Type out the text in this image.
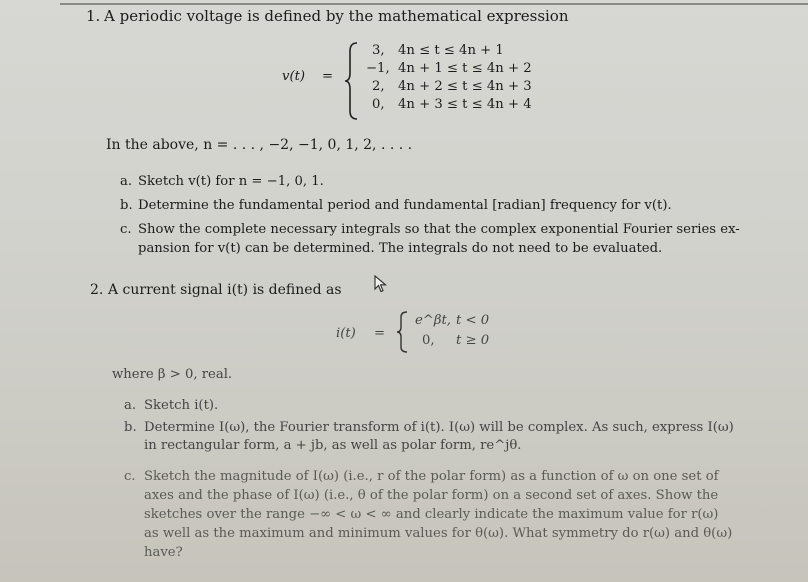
1. A periodic voltage is defined by the mathematical expression
v(t) =
3, 4n ≤ t ≤ 4n + 1
−1, 4n + 1 ≤ t ≤ 4n + 2
2, 4n + 2 ≤ t ≤ 4n + 3
0, 4n + 3 ≤ t ≤ 4n + 4
In the above, n = . . . , −2, −1, 0, 1, 2, . . . .
a. Sketch v(t) for n = −1, 0, 1.
b. Determine the fundamental period and fundamental [radian] frequency for v(t).
c. Show the complete necessary integrals so that the complex exponential Fourier series ex-
pansion for v(t) can be determined. The integrals do not need to be evaluated.
2. A current signal i(t) is defined as
i(t) =
e^βt, t < 0
0, t ≥ 0
where β > 0, real.
a. Sketch i(t).
b. Determine I(ω), the Fourier transform of i(t). I(ω) will be complex. As such, express I(ω)
in rectangular form, a + jb, as well as polar form, re^jθ.
c. Sketch the magnitude of I(ω) (i.e., r of the polar form) as a function of ω on one set of
axes and the phase of I(ω) (i.e., θ of the polar form) on a second set of axes. Show the
sketches over the range −∞ < ω < ∞ and clearly indicate the maximum value for r(ω)
as well as the maximum and minimum values for θ(ω). What symmetry do r(ω) and θ(ω)
have?
